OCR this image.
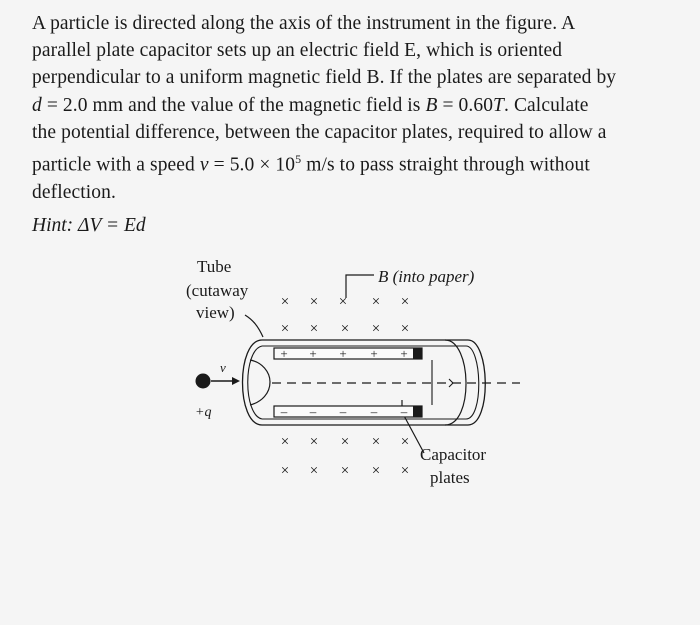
A particle is directed along the axis of the instrument in the figure. A
parallel plate capacitor sets up an electric field E, which is oriented
perpendicular to a uniform magnetic field B. If the plates are separated by
d = 2.0 mm and the value of the magnetic field is B = 0.60T. Calculate
the potential difference, between the capacitor plates, required to allow a
particle with a speed $v = 5.0 \times 10^5$ m/s to pass straight through without
deflection.
Hint: ΔV = Ed
Tube
(cutaway
view)
B (into paper)
Capacitor
plates
v
+q
× × × × ×
× × × × ×
× × × × ×
× × × × ×
+ + + + +
– – – – –
